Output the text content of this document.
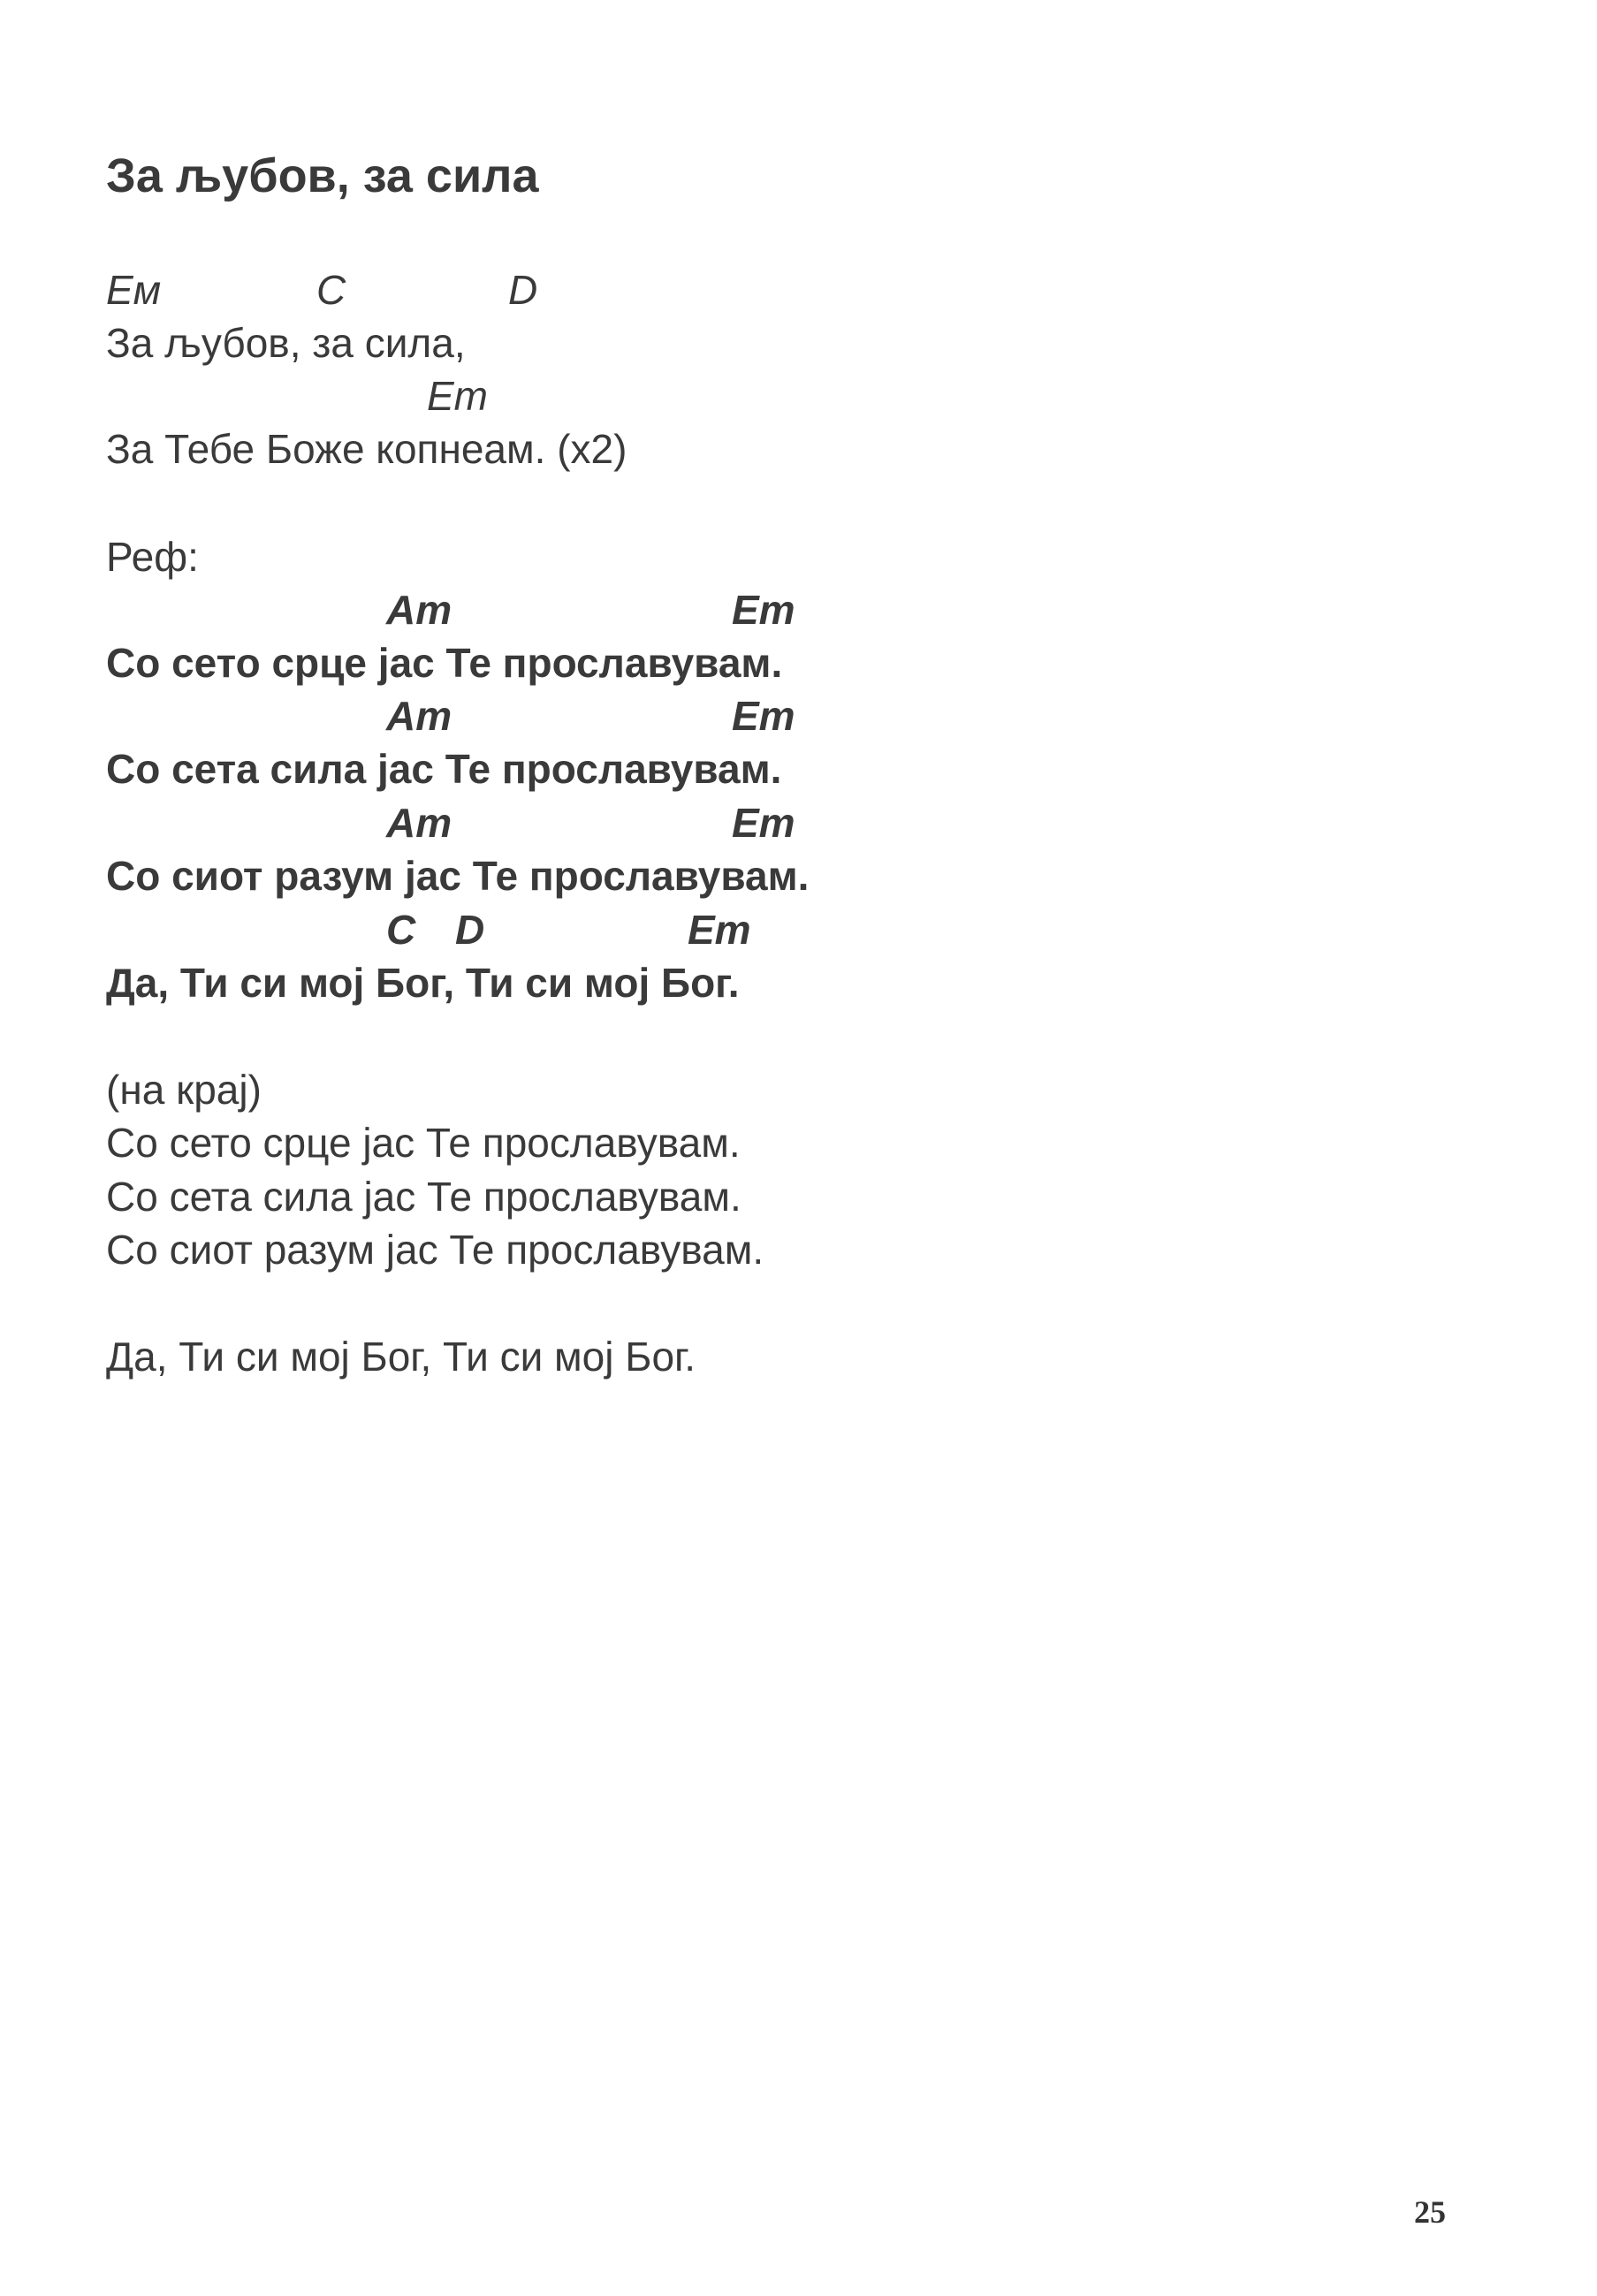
За љубов, за сила

Ем

	C

	D

За љубов, за сила,

Em

За Тебе Боже копнеам. (x2)
Реф:

Am

	Em

Со сето срце јас Те прославувам.

Am

	Em

Со сета сила јас Те прославувам.

Am

	Em

Со сиот разум јас Те прославувам.

C

D

	Em

Да, Ти си мој Бог, Ти си мој Бог.
(на крај)
Со сето срце јас Те прославувам.
Со сета сила јас Те прославувам.
Со сиот разум јас Те прославувам.
Да, Ти си мој Бог, Ти си мој Бог.
25
